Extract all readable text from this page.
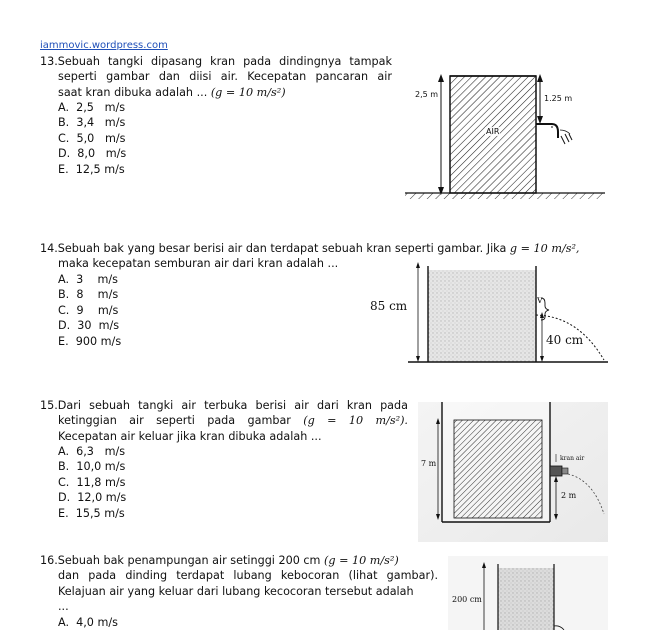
iammovic.wordpress.com
13.Sebuah tangki dipasang kran pada dindingnya tampak
seperti gambar dan diisi air. Kecepatan pancaran air
saat kran dibuka adalah ... (g = 10 m/s²)
A.  2,5   m/s
B.  3,4   m/s
C.  5,0   m/s
D.  8,0   m/s
E.  12,5 m/s
2,5 m	1.25 m
AIR
14.Sebuah bak yang besar berisi air dan terdapat sebuah kran seperti gambar. Jika g = 10 m/s²,
maka kecepatan semburan air dari kran adalah ...
A.  3    m/s
B.  8    m/s
C.  9    m/s
D.  30  m/s
E.  900 m/s
85 cm	v
40 cm
15.Dari sebuah tangki air terbuka berisi air dari kran pada
ketinggian air seperti pada gambar (g = 10 m/s²).
Kecepatan air keluar jika kran dibuka adalah ...
A.  6,3   m/s
B.  10,0 m/s
C.  11,8 m/s
D.  12,0 m/s
E.  15,5 m/s
7 m
kran air
2 m
16.Sebuah bak penampungan air setinggi 200 cm (g = 10 m/s²)
dan pada dinding terdapat lubang kebocoran (lihat gambar).
Kelajuan air yang keluar dari lubang kecocoran tersebut adalah
...
A.  4,0 m/s
200 cm
